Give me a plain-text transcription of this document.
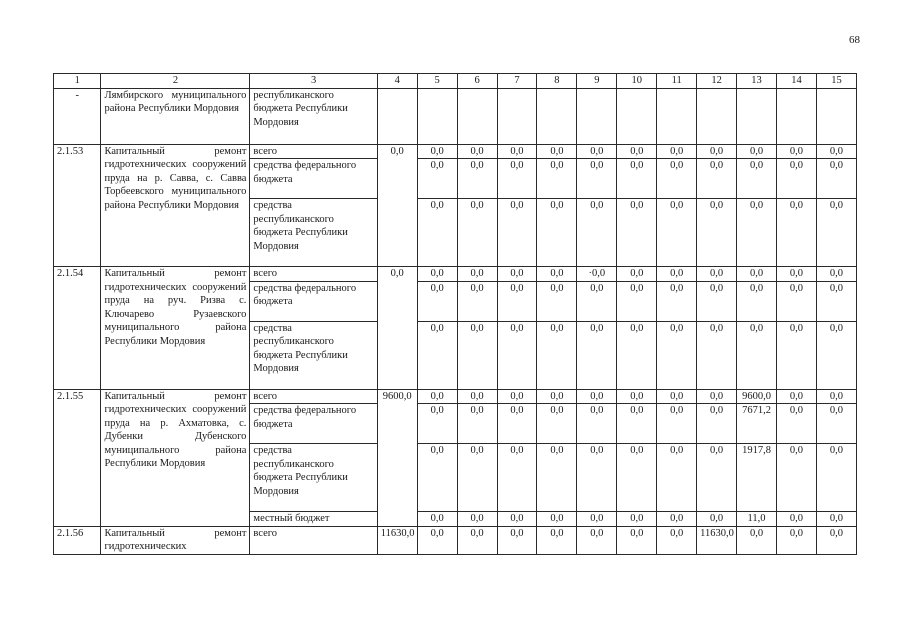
68
1	2	3	4	5	6	7	8	9	10	11	12	13	14	15
-	Лямбирского муниципального района Республики Мордовия	республиканского бюджета Республики Мордовия												
2.1.53	Капитальный ремонт гидротехнических сооружений пруда на р. Савва, с. Савва Торбеевского муниципального района Республики Мордовия	всего	0,0	0,0	0,0	0,0	0,0	0,0	0,0	0,0	0,0	0,0	0,0	0,0
		средства федерального бюджета		0,0	0,0	0,0	0,0	0,0	0,0	0,0	0,0	0,0	0,0	0,0
		средства республиканского бюджета Республики Мордовия		0,0	0,0	0,0	0,0	0,0	0,0	0,0	0,0	0,0	0,0	0,0
2.1.54	Капитальный ремонт гидротехнических сооружений пруда на руч. Ризва с. Ключарево Рузаевского муниципального района Республики Мордовия	всего	0,0	0,0	0,0	0,0	0,0	·0,0	0,0	0,0	0,0	0,0	0,0	0,0
		средства федерального бюджета		0,0	0,0	0,0	0,0	0,0	0,0	0,0	0,0	0,0	0,0	0,0
		средства республиканского бюджета Республики Мордовия		0,0	0,0	0,0	0,0	0,0	0,0	0,0	0,0	0,0	0,0	0,0
2.1.55	Капитальный ремонт гидротехнических сооружений пруда на р. Ахматовка, с. Дубенки Дубенского муниципального района Республики Мордовия	всего	9600,0	0,0	0,0	0,0	0,0	0,0	0,0	0,0	0,0	9600,0	0,0	0,0
		средства федерального бюджета		0,0	0,0	0,0	0,0	0,0	0,0	0,0	0,0	7671,2	0,0	0,0
		средства республиканского бюджета Республики Мордовия		0,0	0,0	0,0	0,0	0,0	0,0	0,0	0,0	1917,8	0,0	0,0
		местный бюджет		0,0	0,0	0,0	0,0	0,0	0,0	0,0	0,0	11,0	0,0	0,0
2.1.56	Капитальный ремонт гидротехнических	всего	11630,0	0,0	0,0	0,0	0,0	0,0	0,0	0,0	11630,0	0,0	0,0	0,0
